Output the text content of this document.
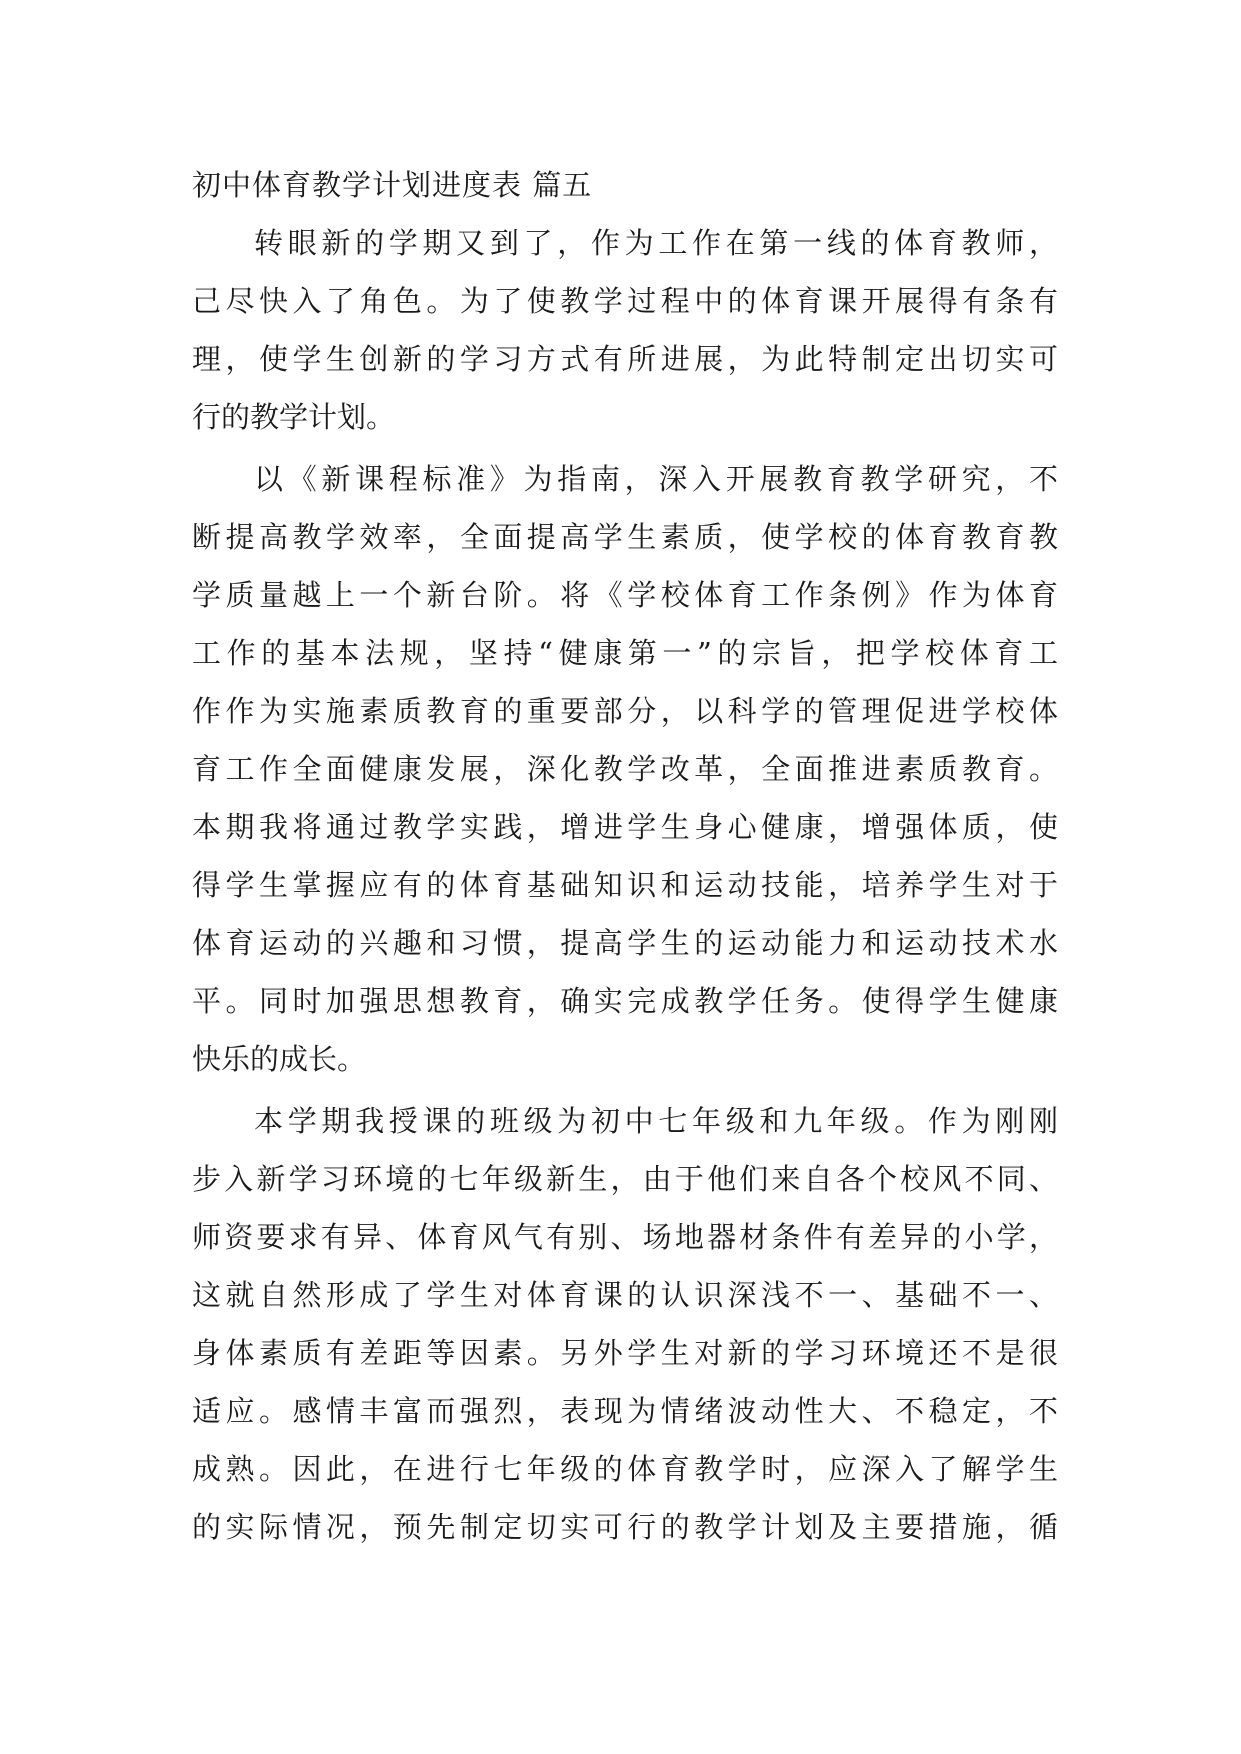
初中体育教学计划进度表 篇五
转眼新的学期又到了，作为工作在第一线的体育教师，
己尽快入了角色。为了使教学过程中的体育课开展得有条有
理，使学生创新的学习方式有所进展，为此特制定出切实可
行的教学计划。
以《新课程标准》为指南，深入开展教育教学研究，不
断提高教学效率，全面提高学生素质，使学校的体育教育教
学质量越上一个新台阶。将《学校体育工作条例》作为体育
工作的基本法规，坚持“健康第一”的宗旨，把学校体育工
作作为实施素质教育的重要部分，以科学的管理促进学校体
育工作全面健康发展，深化教学改革，全面推进素质教育。
本期我将通过教学实践，增进学生身心健康，增强体质，使
得学生掌握应有的体育基础知识和运动技能，培养学生对于
体育运动的兴趣和习惯，提高学生的运动能力和运动技术水
平。同时加强思想教育，确实完成教学任务。使得学生健康
快乐的成长。
本学期我授课的班级为初中七年级和九年级。作为刚刚
步入新学习环境的七年级新生，由于他们来自各个校风不同、
师资要求有异、体育风气有别、场地器材条件有差异的小学，
这就自然形成了学生对体育课的认识深浅不一、基础不一、
身体素质有差距等因素。另外学生对新的学习环境还不是很
适应。感情丰富而强烈，表现为情绪波动性大、不稳定，不
成熟。因此，在进行七年级的体育教学时，应深入了解学生
的实际情况，预先制定切实可行的教学计划及主要措施，循
